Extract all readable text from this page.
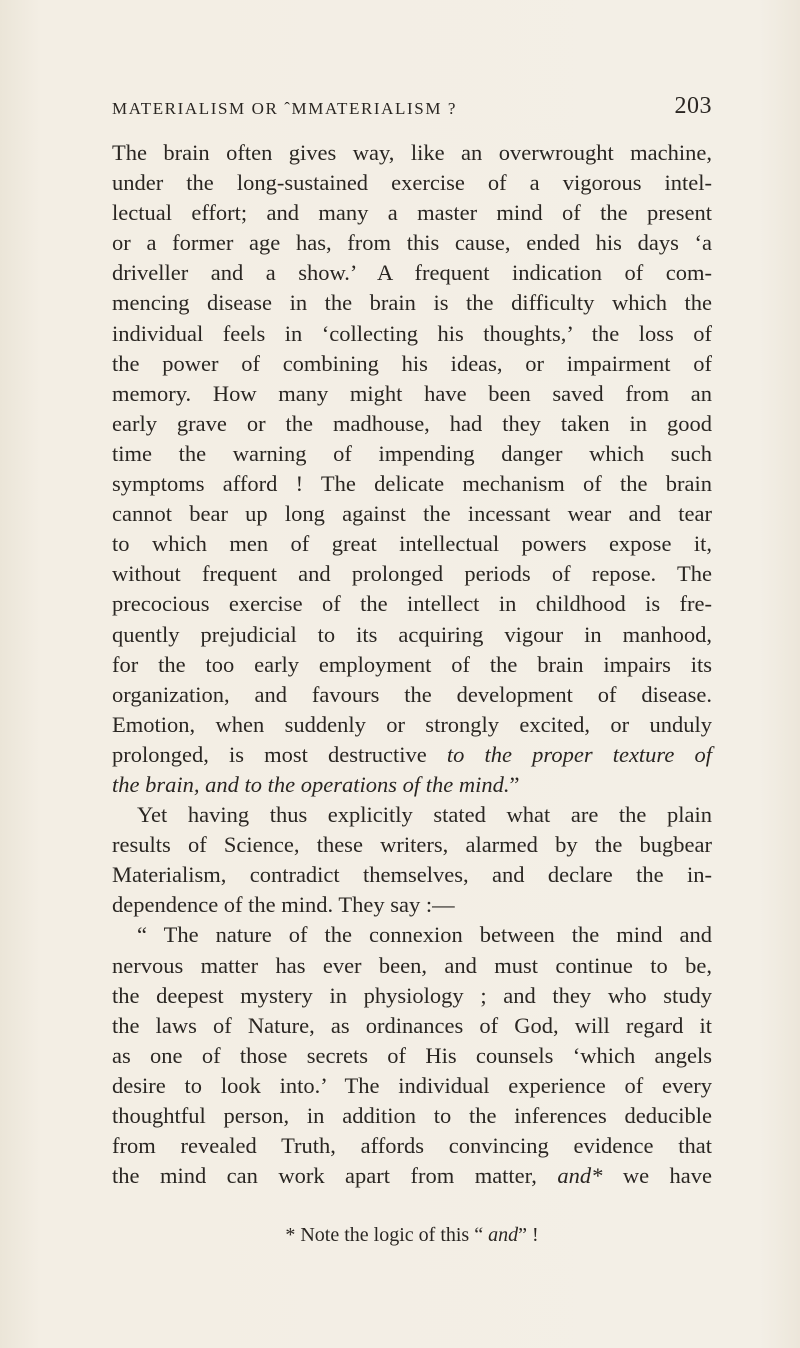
MATERIALISM OR ˆMMATERIALISM ?	203
The brain often gives way, like an overwrought machine,
under the long-sustained exercise of a vigorous intel-
lectual effort; and many a master mind of the present
or a former age has, from this cause, ended his days ‘a
driveller and a show.’ A frequent indication of com-
mencing disease in the brain is the difficulty which the
individual feels in ‘collecting his thoughts,’ the loss of
the power of combining his ideas, or impairment of
memory. How many might have been saved from an
early grave or the madhouse, had they taken in good
time the warning of impending danger which such
symptoms afford ! The delicate mechanism of the brain
cannot bear up long against the incessant wear and tear
to which men of great intellectual powers expose it,
without frequent and prolonged periods of repose. The
precocious exercise of the intellect in childhood is fre-
quently prejudicial to its acquiring vigour in manhood,
for the too early employment of the brain impairs its
organization, and favours the development of disease.
Emotion, when suddenly or strongly excited, or unduly
prolonged, is most destructive to the proper texture of
the brain, and to the operations of the mind.”
Yet having thus explicitly stated what are the plain
results of Science, these writers, alarmed by the bugbear
Materialism, contradict themselves, and declare the in-
dependence of the mind. They say :—
“ The nature of the connexion between the mind and
nervous matter has ever been, and must continue to be,
the deepest mystery in physiology ; and they who study
the laws of Nature, as ordinances of God, will regard it
as one of those secrets of His counsels ‘which angels
desire to look into.’ The individual experience of every
thoughtful person, in addition to the inferences deducible
from revealed Truth, affords convincing evidence that
the mind can work apart from matter, and* we have
* Note the logic of this “ and” !
